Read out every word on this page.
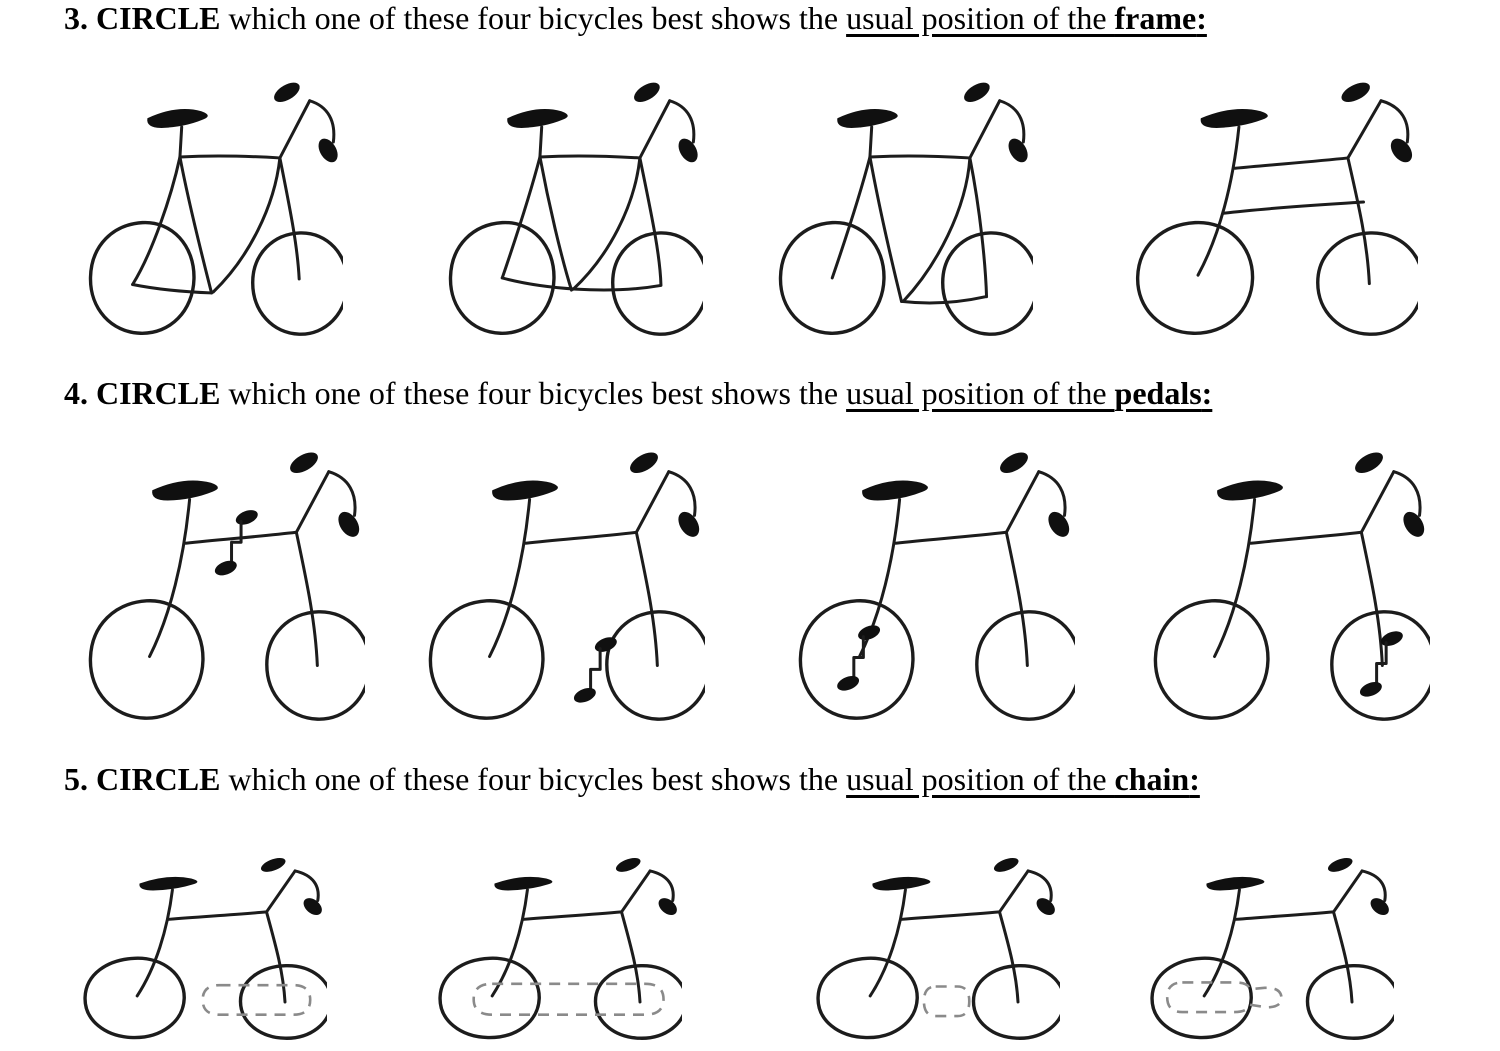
3. CIRCLE which one of these four bicycles best shows the usual position of the frame:

4. CIRCLE which one of these four bicycles best shows the usual position of the pedals:

5. CIRCLE which one of these four bicycles best shows the usual position of the chain:
